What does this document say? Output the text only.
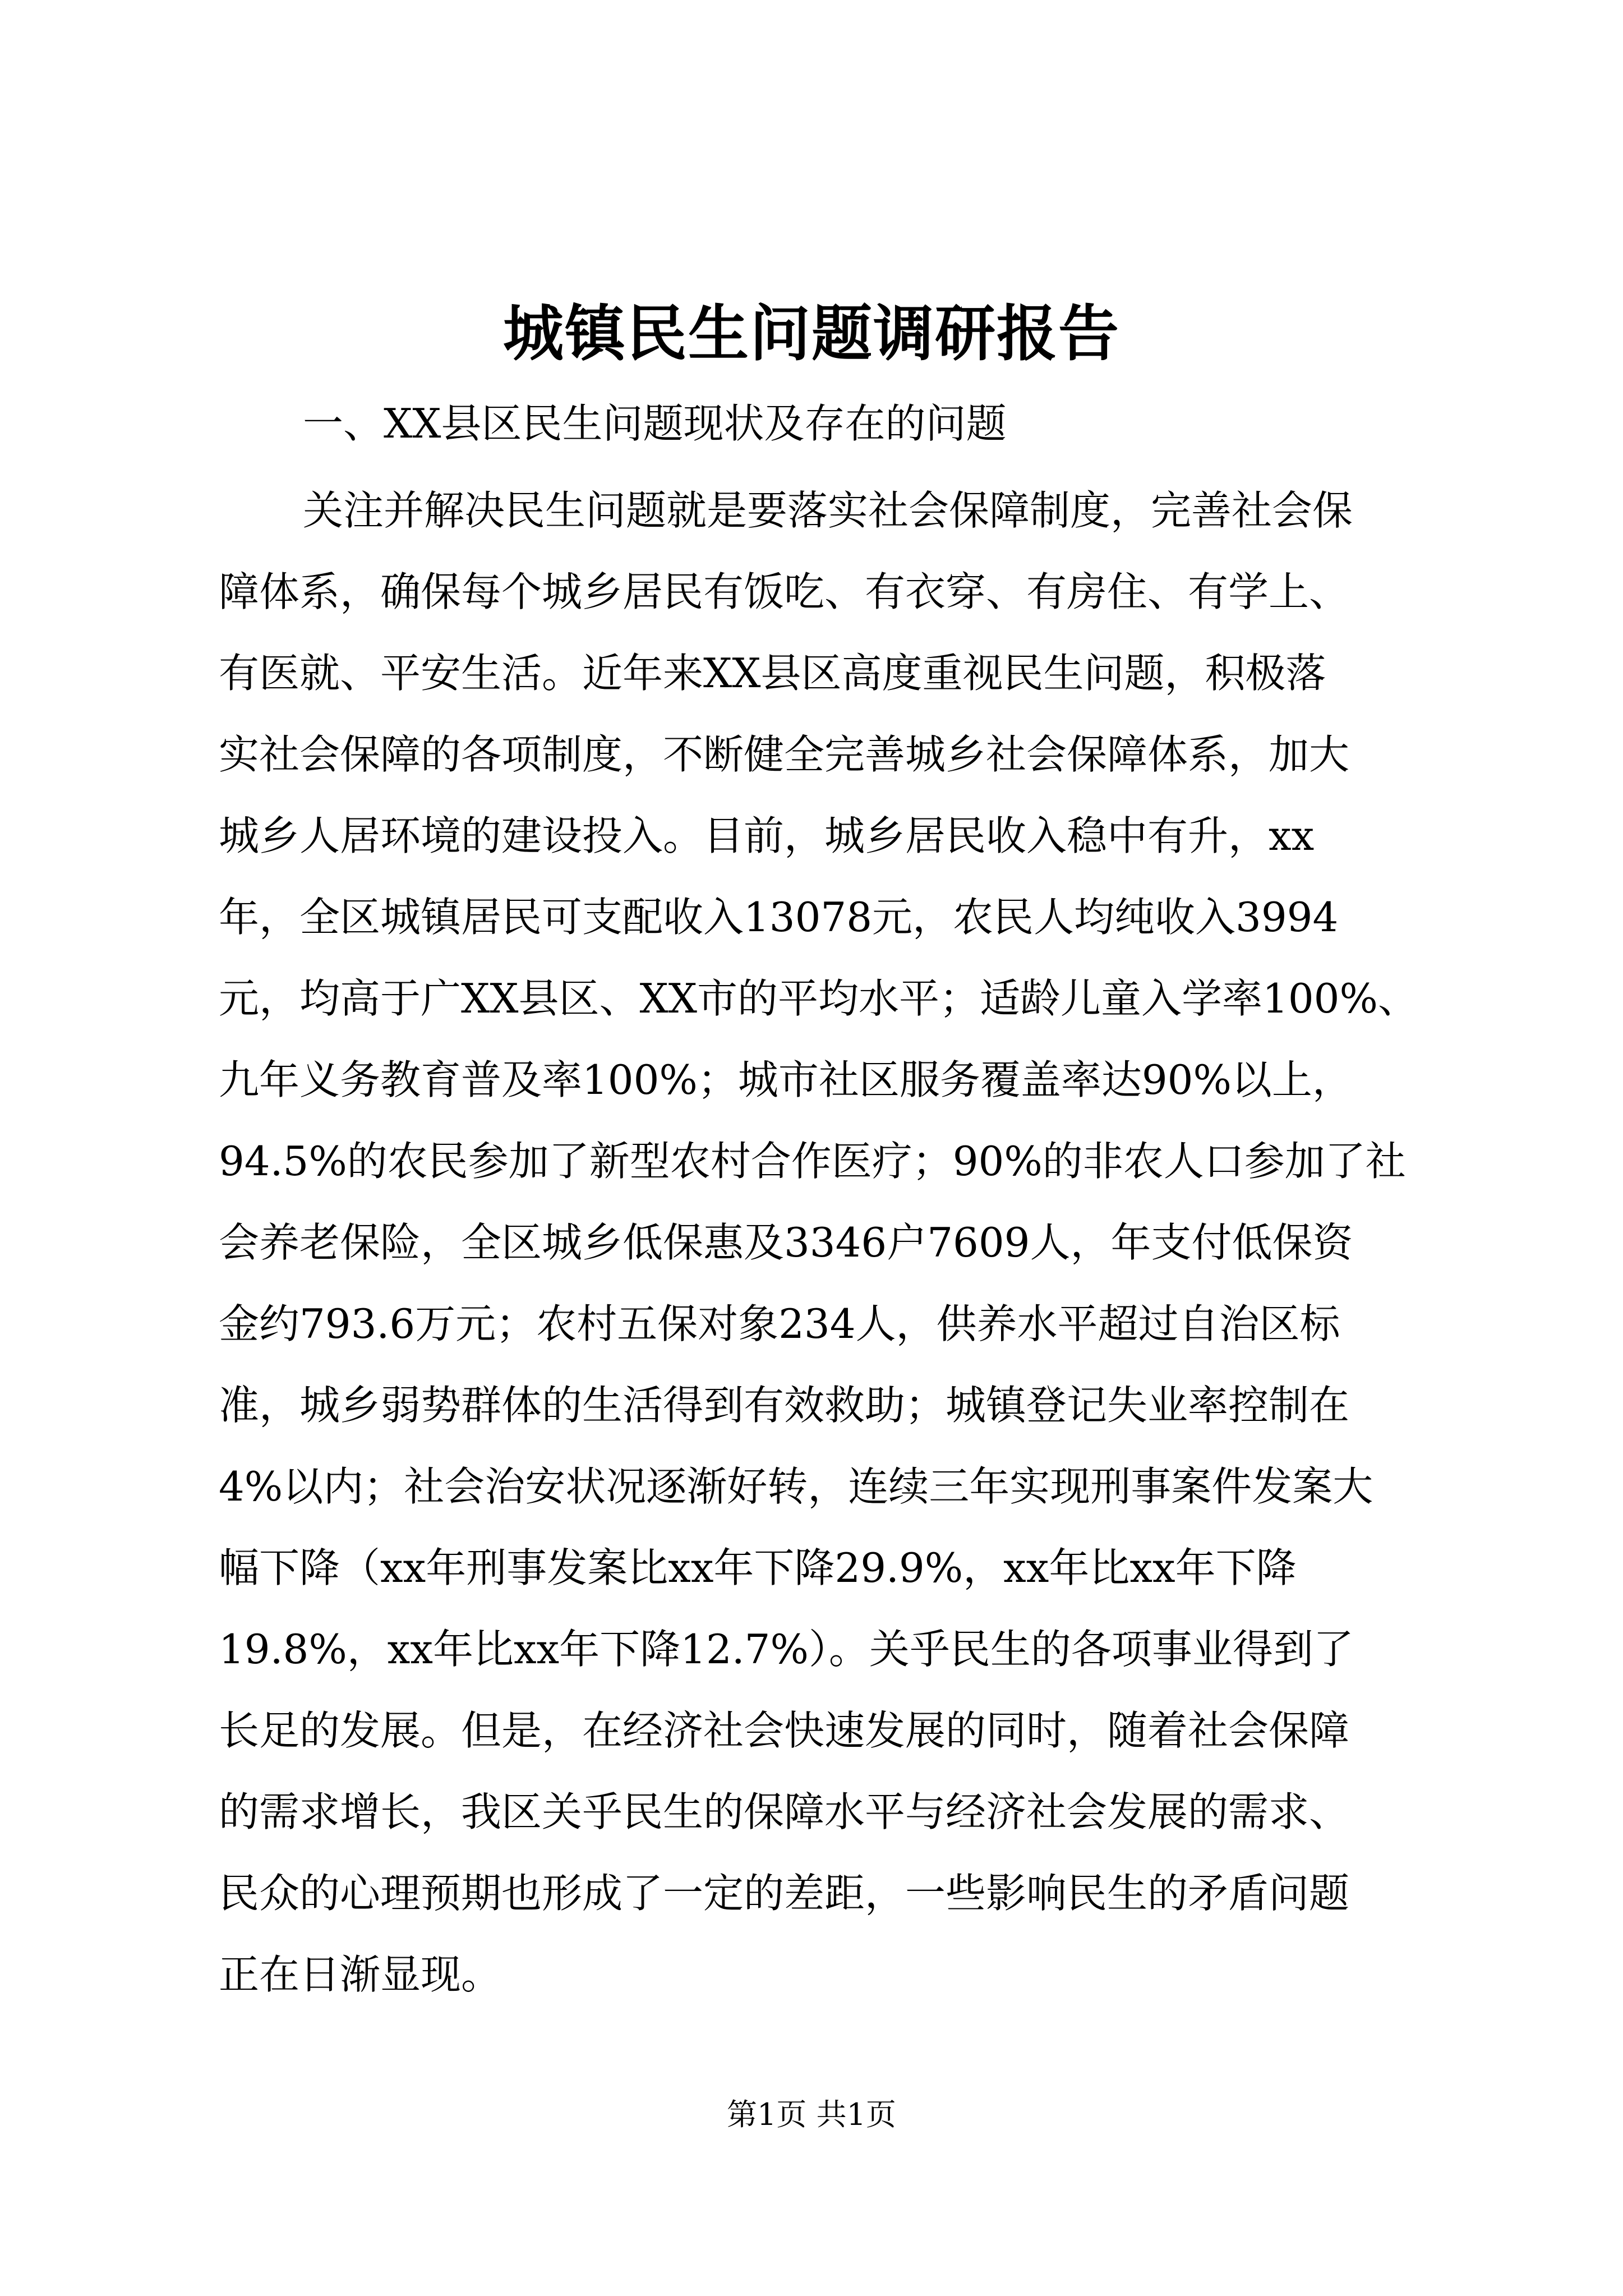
城镇民生问题调研报告
一、XX县区民生问题现状及存在的问题
关注并解决民生问题就是要落实社会保障制度，完善社会保
障体系，确保每个城乡居民有饭吃、有衣穿、有房住、有学上、
有医就、平安生活。近年来XX县区高度重视民生问题，积极落
实社会保障的各项制度，不断健全完善城乡社会保障体系，加大
城乡人居环境的建设投入。目前，城乡居民收入稳中有升，xx
年，全区城镇居民可支配收入13078元，农民人均纯收入3994
元，均高于广XX县区、XX市的平均水平；适龄儿童入学率100%、
九年义务教育普及率100%；城市社区服务覆盖率达90%以上，
94.5%的农民参加了新型农村合作医疗；90%的非农人口参加了社
会养老保险，全区城乡低保惠及3346户7609人，年支付低保资
金约793.6万元；农村五保对象234人，供养水平超过自治区标
准，城乡弱势群体的生活得到有效救助；城镇登记失业率控制在
4%以内；社会治安状况逐渐好转，连续三年实现刑事案件发案大
幅下降（xx年刑事发案比xx年下降29.9%，xx年比xx年下降
19.8%，xx年比xx年下降12.7%）。关乎民生的各项事业得到了
长足的发展。但是，在经济社会快速发展的同时，随着社会保障
的需求增长，我区关乎民生的保障水平与经济社会发展的需求、
民众的心理预期也形成了一定的差距，一些影响民生的矛盾问题
正在日渐显现。
第1页 共1页
